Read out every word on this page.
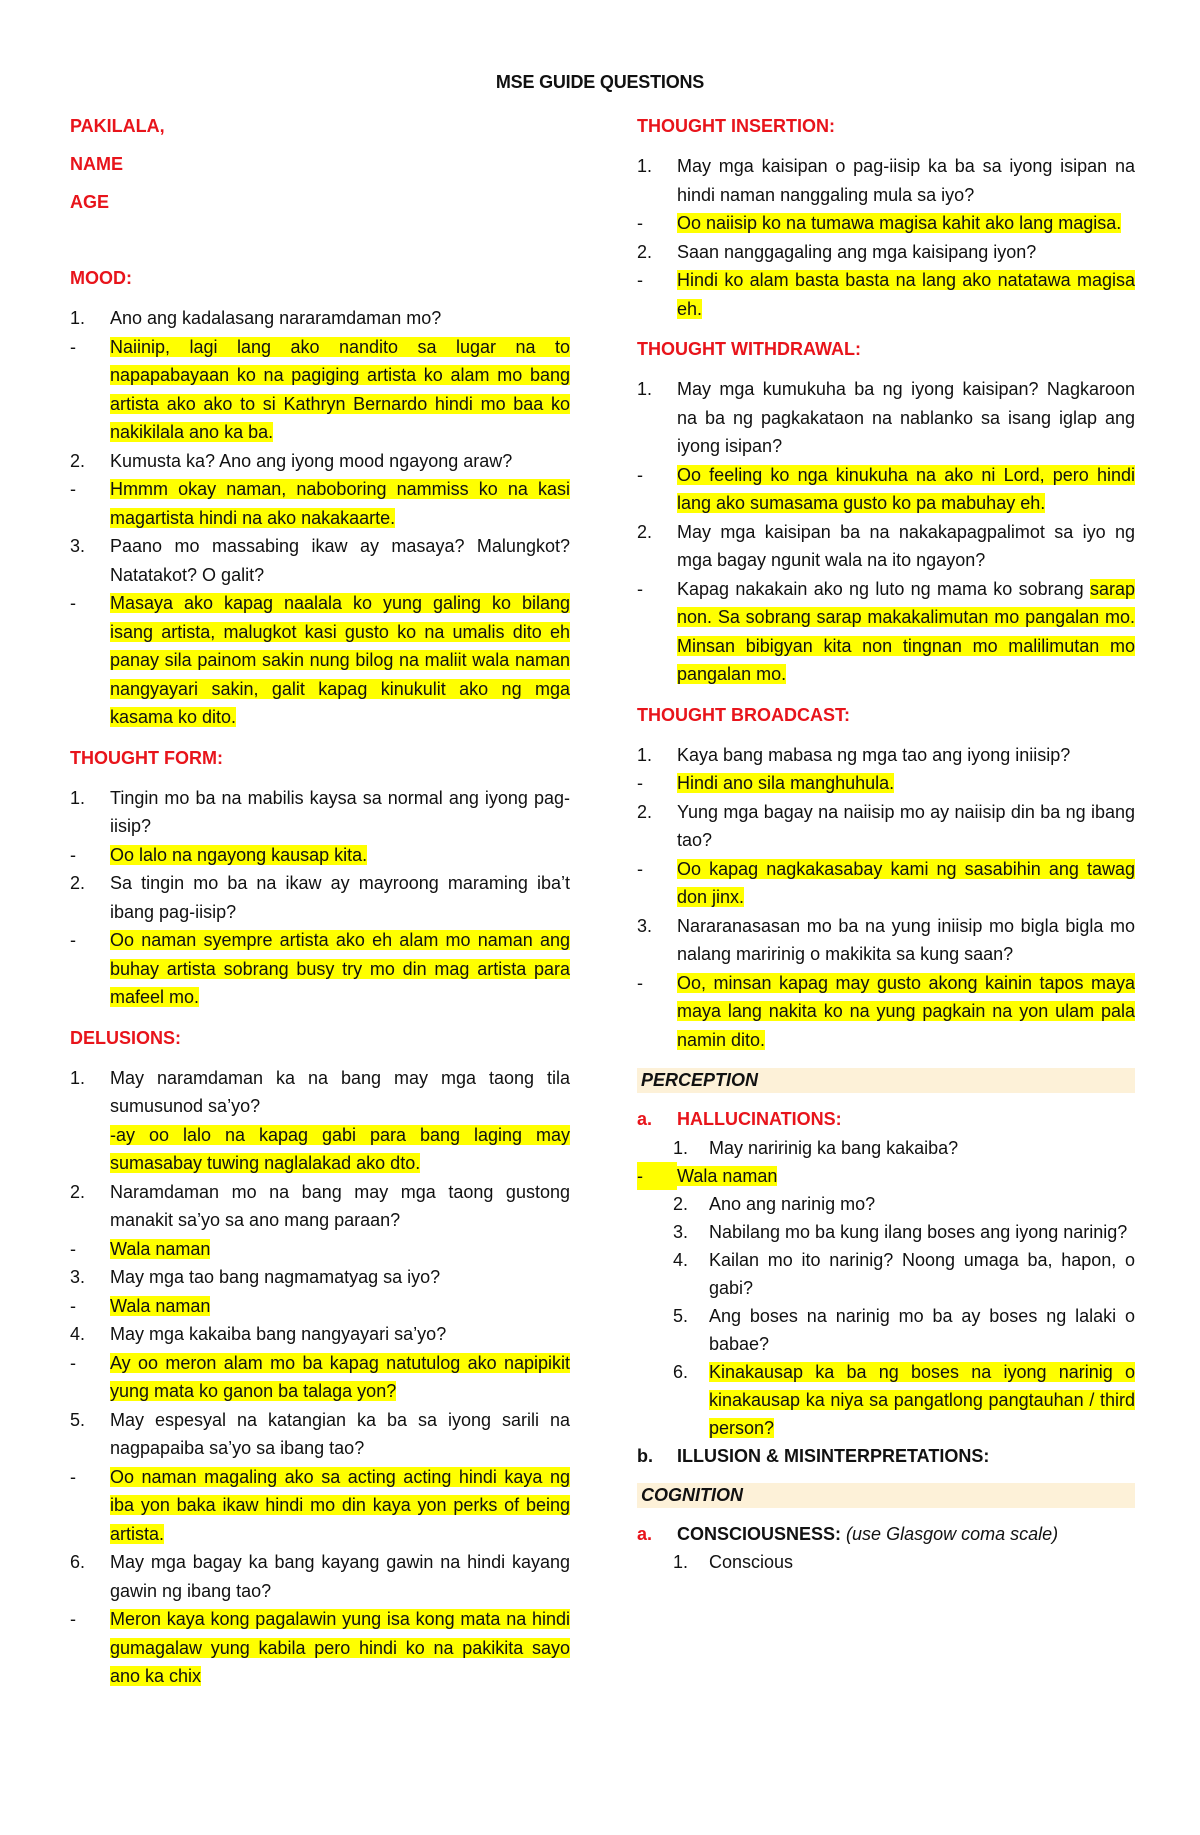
MSE GUIDE QUESTIONS
PAKILALA,
NAME
AGE
MOOD:
1.	Ano ang kadalasang nararamdaman mo?
-	Naiinip, lagi lang ako nandito sa lugar na to napapabayaan ko na pagiging artista ko alam mo bang artista ako ako to si Kathryn Bernardo hindi mo baa ko nakikilala ano ka ba.
2.	Kumusta ka? Ano ang iyong mood ngayong araw?
-	Hmmm okay naman, naboboring nammiss ko na kasi magartista hindi na ako nakakaarte.
3.	Paano mo massabing ikaw ay masaya? Malungkot? Natatakot? O galit?
-	Masaya ako kapag naalala ko yung galing ko bilang isang artista, malugkot kasi gusto ko na umalis dito eh panay sila painom sakin nung bilog na maliit wala naman nangyayari sakin, galit kapag kinukulit ako ng mga kasama ko dito.
THOUGHT FORM:
1.	Tingin mo ba na mabilis kaysa sa normal ang iyong pag-iisip?
-	Oo lalo na ngayong kausap kita.
2.	Sa tingin mo ba na ikaw ay mayroong maraming iba’t ibang pag-iisip?
-	Oo naman syempre artista ako eh alam mo naman ang buhay artista sobrang busy try mo din mag artista para mafeel mo.
DELUSIONS:
1.	May naramdaman ka na bang may mga taong tila sumusunod sa’yo?
-ay oo lalo na kapag gabi para bang laging may sumasabay tuwing naglalakad ako dto.
2.	Naramdaman mo na bang may mga taong gustong manakit sa’yo sa ano mang paraan?
-	Wala naman
3.	May mga tao bang nagmamatyag sa iyo?
-	Wala naman
4.	May mga kakaiba bang nangyayari sa’yo?
-	Ay oo meron alam mo ba kapag natutulog ako napipikit yung mata ko ganon ba talaga yon?
5.	May espesyal na katangian ka ba sa iyong sarili na nagpapaiba sa’yo sa ibang tao?
-	Oo naman magaling ako sa acting acting hindi kaya ng iba yon baka ikaw hindi mo din kaya yon perks of being artista.
6.	May mga bagay ka bang kayang gawin na hindi kayang gawin ng ibang tao?
-	Meron kaya kong pagalawin yung isa kong mata na hindi gumagalaw yung kabila pero hindi ko na pakikita sayo ano ka chix
THOUGHT INSERTION:
1.	May mga kaisipan o pag-iisip ka ba sa iyong isipan na hindi naman nanggaling mula sa iyo?
-	Oo naiisip ko na tumawa magisa kahit ako lang magisa.
2.	Saan nanggagaling ang mga kaisipang iyon?
-	Hindi ko alam basta basta na lang ako natatawa magisa eh.
THOUGHT WITHDRAWAL:
1.	May mga kumukuha ba ng iyong kaisipan? Nagkaroon na ba ng pagkakataon na nablanko sa isang iglap ang iyong isipan?
-	Oo feeling ko nga kinukuha na ako ni Lord, pero hindi lang ako sumasama gusto ko pa mabuhay eh.
2.	May mga kaisipan ba na nakakapagpalimot sa iyo ng mga bagay ngunit wala na ito ngayon?
-	Kapag nakakain ako ng luto ng mama ko sobrang sarap non. Sa sobrang sarap makakalimutan mo pangalan mo. Minsan bibigyan kita non tingnan mo malilimutan mo pangalan mo.
THOUGHT BROADCAST:
1.	Kaya bang mabasa ng mga tao ang iyong iniisip?
-	Hindi ano sila manghuhula.
2.	Yung mga bagay na naiisip mo ay naiisip din ba ng ibang tao?
-	Oo kapag nagkakasabay kami ng sasabihin ang tawag don jinx.
3.	Nararanasasan mo ba na yung iniisip mo bigla bigla mo nalang maririnig o makikita sa kung saan?
-	Oo, minsan kapag may gusto akong kainin tapos maya maya lang nakita ko na yung pagkain na yon ulam pala namin dito.
PERCEPTION
a.	HALLUCINATIONS:
1.	May naririnig ka bang kakaiba?
-	Wala naman
2.	Ano ang narinig mo?
3.	Nabilang mo ba kung ilang boses ang iyong narinig?
4.	Kailan mo ito narinig? Noong umaga ba, hapon, o gabi?
5.	Ang boses na narinig mo ba ay boses ng lalaki o babae?
6.	Kinakausap ka ba ng boses na iyong narinig o kinakausap ka niya sa pangatlong pangtauhan / third person?
b.	ILLUSION & MISINTERPRETATIONS:
COGNITION
a.	CONSCIOUSNESS: (use Glasgow coma scale)
1.	Conscious
